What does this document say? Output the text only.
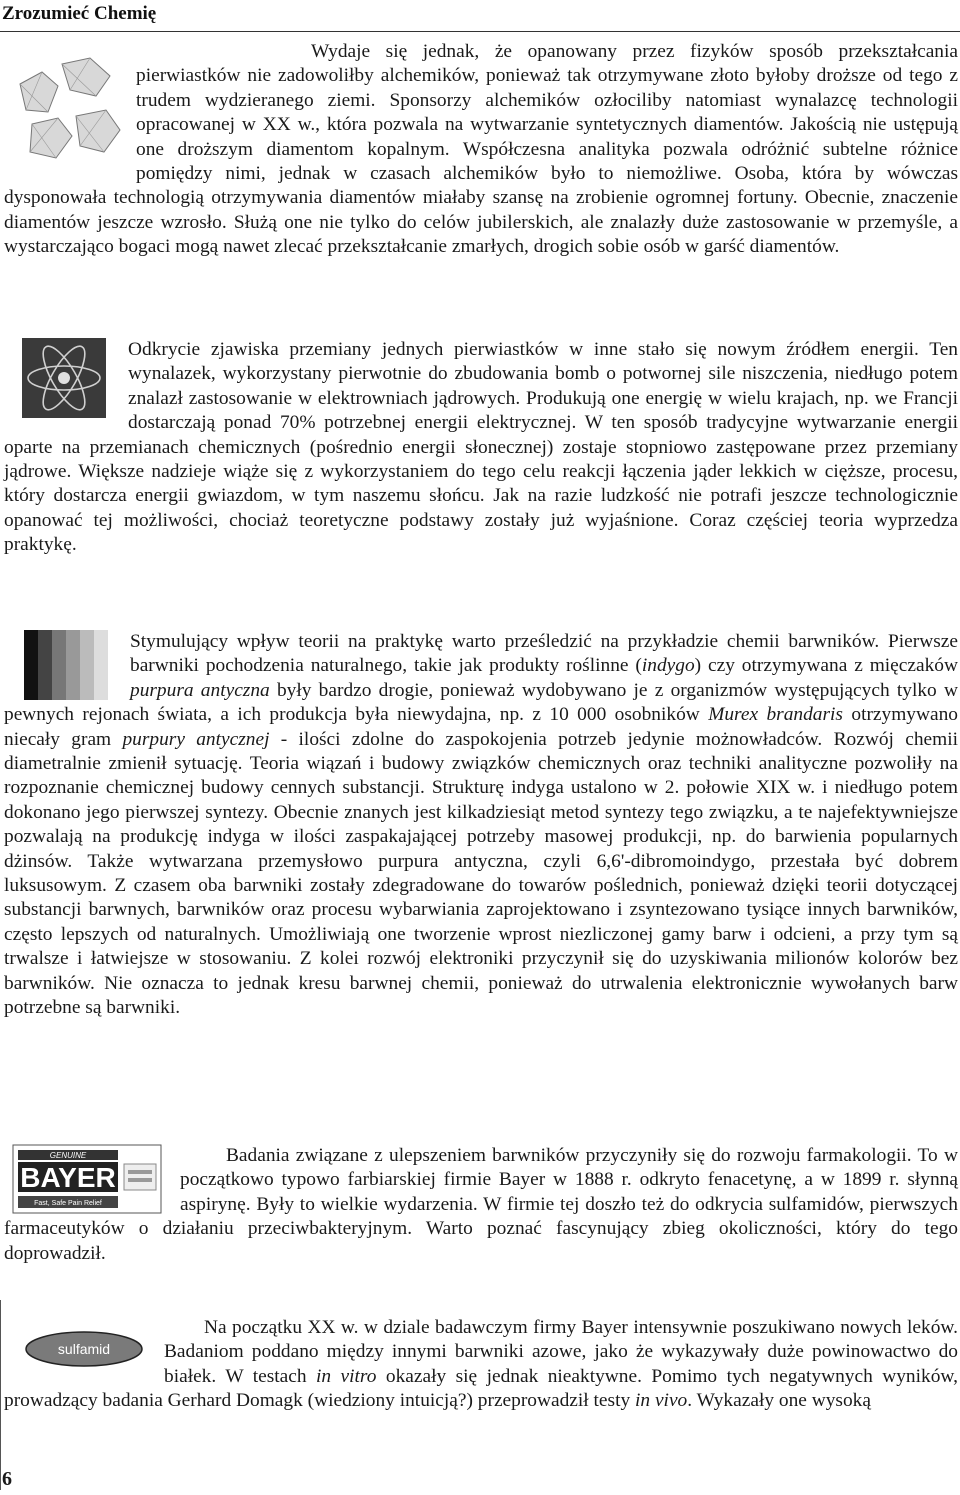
Zrozumieć Chemię

Wydaje się jednak, że opanowany przez fizyków sposób przekształcania pierwiastków nie zadowoliłby alchemików, ponieważ tak otrzymywane złoto byłoby droższe od tego z trudem wydzieranego ziemi. Sponsorzy alchemików ozłociliby natomiast wynalazcę technologii opracowanej w XX w., która pozwala na wytwarzanie syntetycznych diamentów. Jakością nie ustępują one droższym diamentom kopalnym. Współczesna analityka pozwala odróżnić subtelne różnice pomiędzy nimi, jednak w czasach alchemików było to niemożliwe. Osoba, która by wówczas dysponowała technologią otrzymywania diamentów miałaby szansę na zrobienie ogromnej fortuny. Obecnie, znaczenie diamentów jeszcze wzrosło. Służą one nie tylko do celów jubilerskich, ale znalazły duże zastosowanie w przemyśle, a wystarczająco bogaci mogą nawet zlecać przekształcanie zmarłych, drogich sobie osób w garść diamentów.

Odkrycie zjawiska przemiany jednych pierwiastków w inne stało się nowym źródłem energii. Ten wynalazek, wykorzystany pierwotnie do zbudowania bomb o potwornej sile niszczenia, niedługo potem znalazł zastosowanie w elektrowniach jądrowych. Produkują one energię w wielu krajach, np. we Francji dostarczają ponad 70% potrzebnej energii elektrycznej. W ten sposób tradycyjne wytwarzanie energii oparte na przemianach chemicznych (pośrednio energii słonecznej) zostaje stopniowo zastępowane przez przemiany jądrowe. Większe nadzieje wiąże się z wykorzystaniem do tego celu reakcji łączenia jąder lekkich w cięższe, procesu, który dostarcza energii gwiazdom, w tym naszemu słońcu. Jak na razie ludzkość nie potrafi jeszcze technologicznie opanować tej możliwości, chociaż teoretyczne podstawy zostały już wyjaśnione. Coraz częściej teoria wyprzedza praktykę.

Stymulujący wpływ teorii na praktykę warto prześledzić na przykładzie chemii barwników. Pierwsze barwniki pochodzenia naturalnego, takie jak produkty roślinne (indygo) czy otrzymywana z mięczaków purpura antyczna były bardzo drogie, ponieważ wydobywano je z organizmów występujących tylko w pewnych rejonach świata, a ich produkcja była niewydajna, np. z 10 000 osobników Murex brandaris otrzymywano niecały gram purpury antycznej - ilości zdolne do zaspokojenia potrzeb jedynie możnowładców. Rozwój chemii diametralnie zmienił sytuację. Teoria wiązań i budowy związków chemicznych oraz techniki analityczne pozwoliły na rozpoznanie chemicznej budowy cennych substancji. Strukturę indyga ustalono w 2. połowie XIX w. i niedługo potem dokonano jego pierwszej syntezy. Obecnie znanych jest kilkadziesiąt metod syntezy tego związku, a te najefektywniejsze pozwalają na produkcję indyga w ilości zaspakajającej potrzeby masowej produkcji, np. do barwienia popularnych dżinsów. Także wytwarzana przemysłowo purpura antyczna, czyli 6,6'-dibromoindygo, przestała być dobrem luksusowym. Z czasem oba barwniki zostały zdegradowane do towarów poślednich, ponieważ dzięki teorii dotyczącej substancji barwnych, barwników oraz procesu wybarwiania zaprojektowano i zsyntezowano tysiące innych barwników, często lepszych od naturalnych. Umożliwiają one tworzenie wprost niezliczonej gamy barw i odcieni, a przy tym są trwalsze i łatwiejsze w stosowaniu. Z kolei rozwój elektroniki przyczynił się do uzyskiwania milionów kolorów bez barwników. Nie oznacza to jednak kresu barwnej chemii, ponieważ do utrwalenia elektronicznie wywołanych barw potrzebne są barwniki.

GENUINE
BAYER
Fast, Safe Pain Relief

Badania związane z ulepszeniem barwników przyczyniły się do rozwoju farmakologii. To w początkowo typowo farbiarskiej firmie Bayer w 1888 r. odkryto fenacetynę, a w 1899 r. słynną aspirynę. Były to wielkie wydarzenia. W firmie tej doszło też do odkrycia sulfamidów, pierwszych farmaceutyków o działaniu przeciwbakteryjnym. Warto poznać fascynujący zbieg okoliczności, który do tego doprowadził.

sulfamid

Na początku XX w. w dziale badawczym firmy Bayer intensywnie poszukiwano nowych leków. Badaniom poddano między innymi barwniki azowe, jako że wykazywały duże powinowactwo do białek. W testach in vitro okazały się jednak nieaktywne. Pomimo tych negatywnych wyników, prowadzący badania Gerhard Domagk (wiedziony intuicją?) przeprowadził testy in vivo. Wykazały one wysoką

6
